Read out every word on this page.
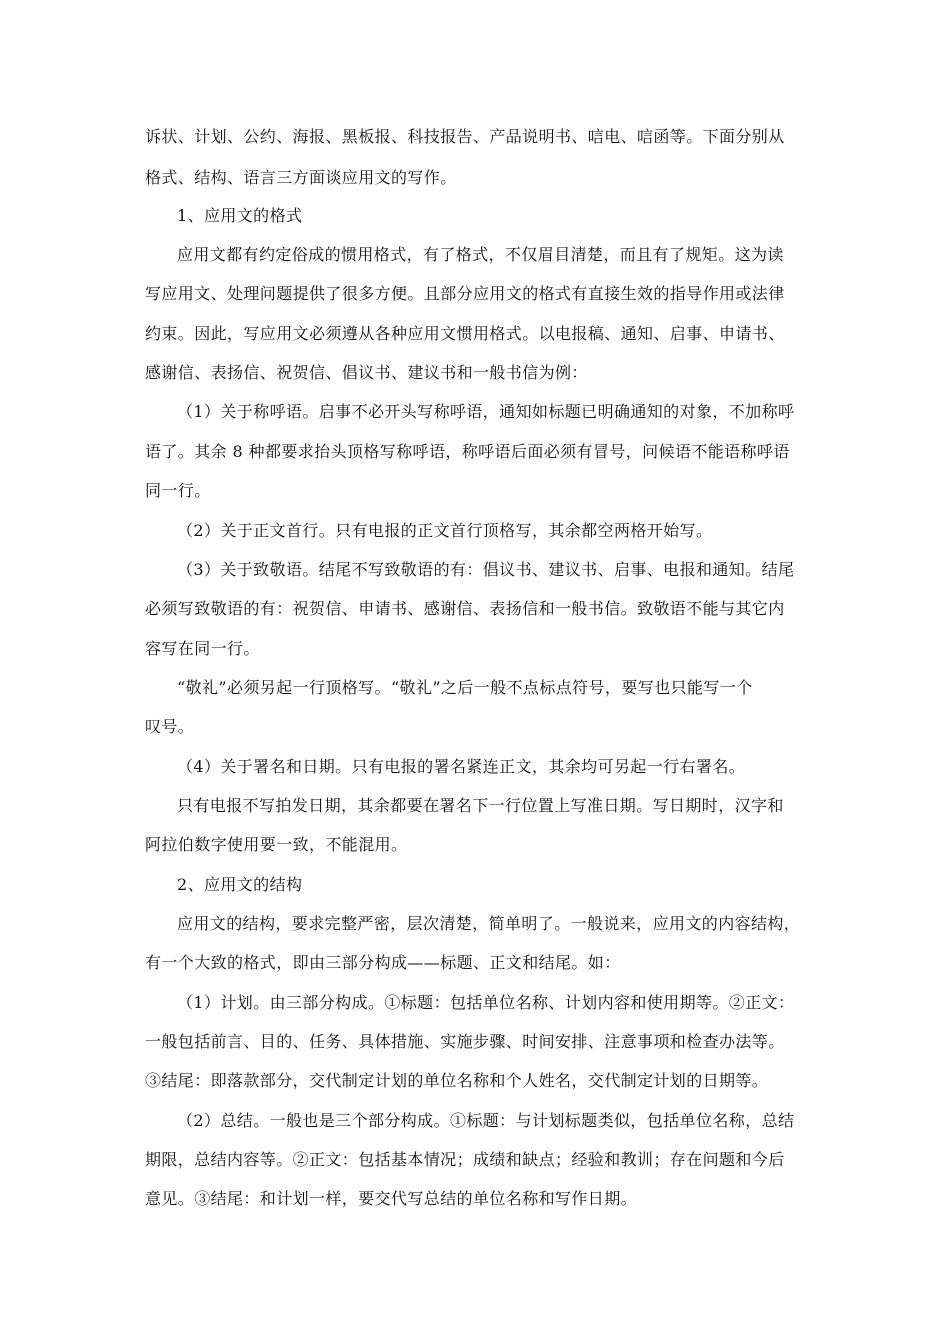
诉状、计划、公约、海报、黑板报、科技报告、产品说明书、唁电、唁函等。下面分别从

格式、结构、语言三方面谈应用文的写作。

1、应用文的格式

应用文都有约定俗成的惯用格式，有了格式，不仅眉目清楚，而且有了规矩。这为读

写应用文、处理问题提供了很多方便。且部分应用文的格式有直接生效的指导作用或法律

约束。因此，写应用文必须遵从各种应用文惯用格式。以电报稿、通知、启事、申请书、

感谢信、表扬信、祝贺信、倡议书、建议书和一般书信为例：

（1）关于称呼语。启事不必开头写称呼语，通知如标题已明确通知的对象，不加称呼

语了。其余 8 种都要求抬头顶格写称呼语，称呼语后面必须有冒号，问候语不能语称呼语

同一行。

（2）关于正文首行。只有电报的正文首行顶格写，其余都空两格开始写。

（3）关于致敬语。结尾不写致敬语的有：倡议书、建议书、启事、电报和通知。结尾

必须写致敬语的有：祝贺信、申请书、感谢信、表扬信和一般书信。致敬语不能与其它内

容写在同一行。

“敬礼”必须另起一行顶格写。“敬礼”之后一般不点标点符号，要写也只能写一个

叹号。

（4）关于署名和日期。只有电报的署名紧连正文，其余均可另起一行右署名。

只有电报不写拍发日期，其余都要在署名下一行位置上写准日期。写日期时，汉字和

阿拉伯数字使用要一致，不能混用。

2、应用文的结构

应用文的结构，要求完整严密，层次清楚，简单明了。一般说来，应用文的内容结构，

有一个大致的格式，即由三部分构成——标题、正文和结尾。如：

（1）计划。由三部分构成。①标题：包括单位名称、计划内容和使用期等。②正文：

一般包括前言、目的、任务、具体措施、实施步骤、时间安排、注意事项和检查办法等。

③结尾：即落款部分，交代制定计划的单位名称和个人姓名，交代制定计划的日期等。

（2）总结。一般也是三个部分构成。①标题：与计划标题类似，包括单位名称，总结

期限，总结内容等。②正文：包括基本情况；成绩和缺点；经验和教训；存在问题和今后

意见。③结尾：和计划一样，要交代写总结的单位名称和写作日期。
